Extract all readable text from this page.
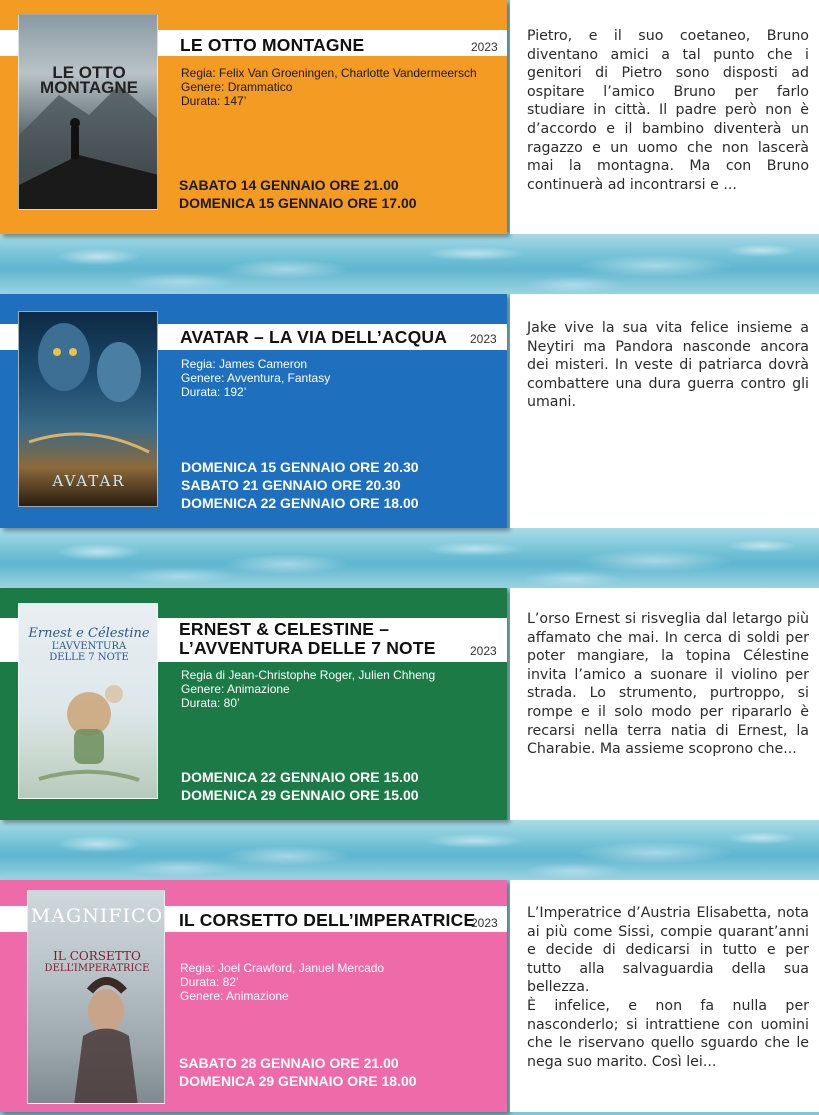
LE OTTO
MONTAGNE
LE OTTO MONTAGNE	2023
Regia: Felix Van Groeningen, Charlotte Vandermeersch
Genere: Drammatico
Durata: 147’
SABATO 14 GENNAIO ORE 21.00
DOMENICA 15 GENNAIO ORE 17.00
Pietro, e il suo coetaneo, Bruno diventano amici a tal punto che i genitori di Pietro sono disposti ad ospitare l’amico Bruno per farlo studiare in città. Il padre però non è d’accordo e il bambino diventerà un ragazzo e un uomo che non lascerà mai la montagna. Ma con Bruno continuerà ad incontrarsi e ...
AVATAR
AVATAR – LA VIA DELL’ACQUA 2023
Regia: James Cameron
Genere: Avventura, Fantasy
Durata: 192’
DOMENICA 15 GENNAIO ORE 20.30
SABATO 21 GENNAIO ORE 20.30
DOMENICA 22 GENNAIO ORE 18.00
Jake vive la sua vita felice insieme a Neytiri ma Pandora nasconde ancora dei misteri. In veste di patriarca dovrà combattere una dura guerra contro gli umani.
Ernest e Célestine
L’AVVENTURA
DELLE 7 NOTE
ERNEST & CELESTINE –
L’AVVENTURA DELLE 7 NOTE	2023
Regia di Jean-Christophe Roger, Julien Chheng
Genere: Animazione
Durata: 80’
DOMENICA 22 GENNAIO ORE 15.00
DOMENICA 29 GENNAIO ORE 15.00
L’orso Ernest si risveglia dal letargo più affamato che mai. In cerca di soldi per poter mangiare, la topina Célestine invita l’amico a suonare il violino per strada. Lo strumento, purtroppo, si rompe e il solo modo per ripararlo è recarsi nella terra natia di Ernest, la Charabie. Ma assieme scoprono che...
MAGNIFICO
IL CORSETTO
DELL’IMPERATRICE
IL CORSETTO DELL’IMPERATRICE
2023
Regia: Joel Crawford, Januel Mercado
Durata: 82’
Genere: Animazione
SABATO 28 GENNAIO ORE 21.00
DOMENICA 29 GENNAIO ORE 18.00
L’Imperatrice d’Austria Elisabetta, nota ai più come Sissi, compie quarant’anni e decide di dedicarsi in tutto e per tutto alla salvaguardia della sua bellezza.
È infelice, e non fa nulla per nasconderlo; si intrattiene con uomini che le riservano quello sguardo che le nega suo marito. Così lei...
